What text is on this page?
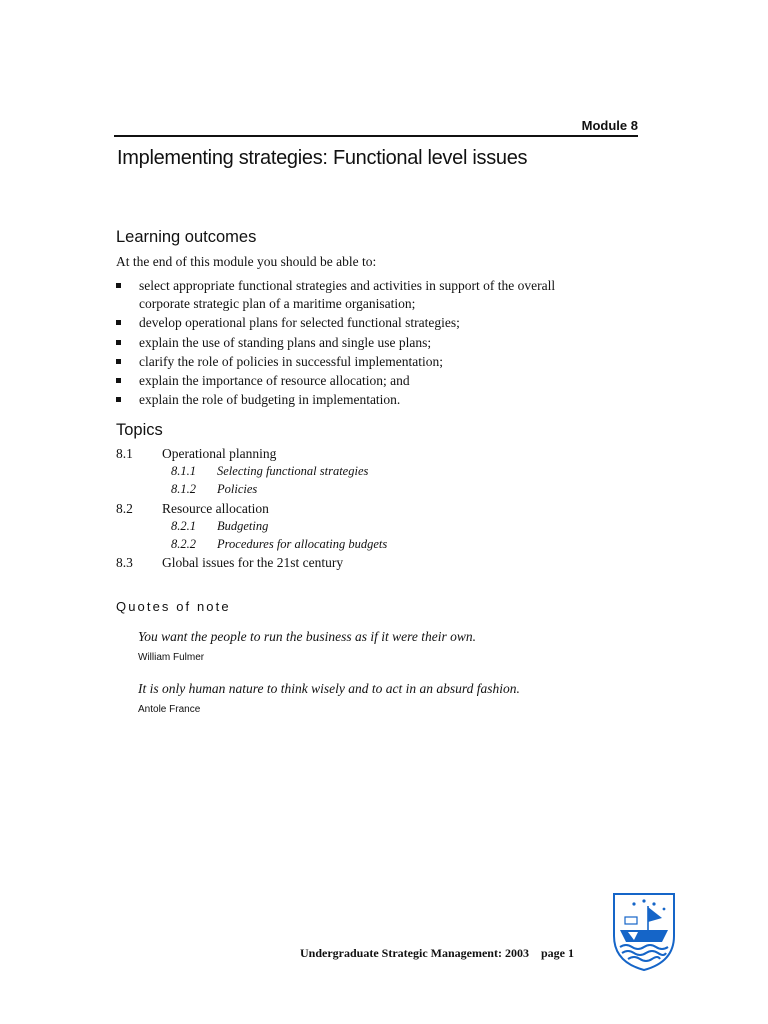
Module 8
Implementing strategies: Functional level issues
Learning outcomes
At the end of this module you should be able to:
select appropriate functional strategies and activities in support of the overall corporate strategic plan of a maritime organisation;
develop operational plans for selected functional strategies;
explain the use of standing plans and single use plans;
clarify the role of policies in successful implementation;
explain the importance of resource allocation; and
explain the role of budgeting in implementation.
Topics
8.1 Operational planning
8.1.1 Selecting functional strategies
8.1.2 Policies
8.2 Resource allocation
8.2.1 Budgeting
8.2.2 Procedures for allocating budgets
8.3 Global issues for the 21st century
Quotes of note
You want the people to run the business as if it were their own.
William Fulmer
It is only human nature to think wisely and to act in an absurd fashion.
Antole France
Undergraduate Strategic Management: 2003 page 1
